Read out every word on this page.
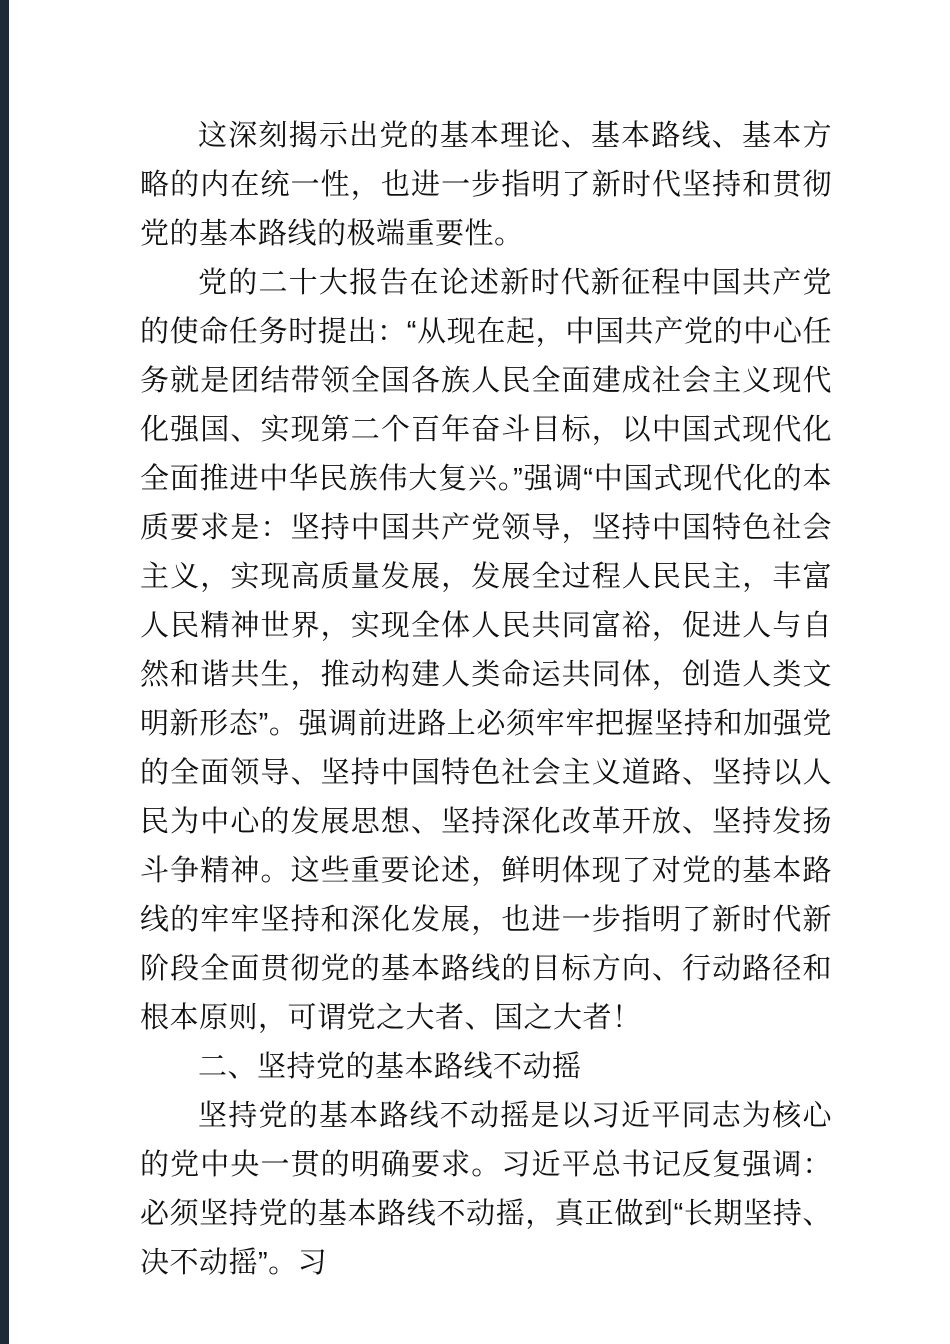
这深刻揭示出党的基本理论、基本路线、基本方略的内在统一性，也进一步指明了新时代坚持和贯彻党的基本路线的极端重要性。

党的二十大报告在论述新时代新征程中国共产党的使命任务时提出：“从现在起，中国共产党的中心任务就是团结带领全国各族人民全面建成社会主义现代化强国、实现第二个百年奋斗目标，以中国式现代化全面推进中华民族伟大复兴。”强调“中国式现代化的本质要求是：坚持中国共产党领导，坚持中国特色社会主义，实现高质量发展，发展全过程人民民主，丰富人民精神世界，实现全体人民共同富裕，促进人与自然和谐共生，推动构建人类命运共同体，创造人类文明新形态”。强调前进路上必须牢牢把握坚持和加强党的全面领导、坚持中国特色社会主义道路、坚持以人民为中心的发展思想、坚持深化改革开放、坚持发扬斗争精神。这些重要论述，鲜明体现了对党的基本路线的牢牢坚持和深化发展，也进一步指明了新时代新阶段全面贯彻党的基本路线的目标方向、行动路径和根本原则，可谓党之大者、国之大者！

二、坚持党的基本路线不动摇

坚持党的基本路线不动摇是以习近平同志为核心的党中央一贯的明确要求。习近平总书记反复强调：必须坚持党的基本路线不动摇，真正做到“长期坚持、决不动摇”。习
